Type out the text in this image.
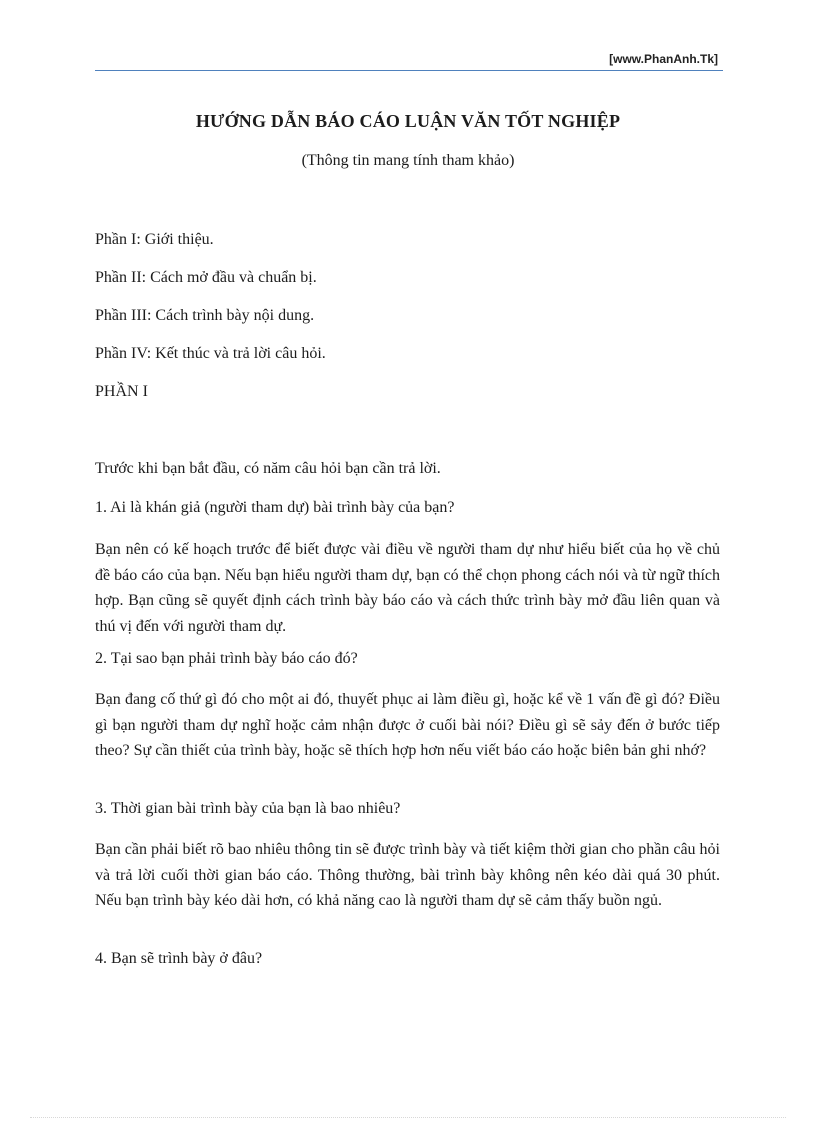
[www.PhanAnh.Tk]
HƯỚNG DẪN BÁO CÁO LUẬN VĂN TỐT NGHIỆP
(Thông tin mang tính tham khảo)
Phần I: Giới thiệu.
Phần II: Cách mở đầu và chuẩn bị.
Phần III: Cách trình bày nội dung.
Phần IV: Kết thúc và trả lời câu hỏi.
PHẦN I
Trước khi bạn bắt đầu, có năm câu hỏi bạn cần trả lời.
1. Ai là khán giả (người tham dự) bài trình bày của bạn?
Bạn nên có kế hoạch trước để biết được vài điều về người tham dự như hiểu biết của họ về chủ đề báo cáo của bạn. Nếu bạn hiểu người tham dự, bạn có thể chọn phong cách nói và từ ngữ thích hợp. Bạn cũng sẽ quyết định cách trình bày báo cáo và cách thức trình bày mở đầu liên quan và thú vị đến với người tham dự.
2. Tại sao bạn phải trình bày báo cáo đó?
Bạn đang cố thứ gì đó cho một ai đó, thuyết phục ai làm điều gì, hoặc kể về 1 vấn đề gì đó? Điều gì bạn người tham dự nghĩ hoặc cảm nhận được ở cuối bài nói? Điều gì sẽ sảy đến ở bước tiếp theo? Sự cần thiết của trình bày, hoặc sẽ thích hợp hơn nếu viết báo cáo hoặc biên bản ghi nhớ?
3. Thời gian bài trình bày của bạn là bao nhiêu?
Bạn cần phải biết rõ bao nhiêu thông tin sẽ được trình bày và tiết kiệm thời gian cho phần câu hỏi và trả lời cuối thời gian báo cáo. Thông thường, bài trình bày không nên kéo dài quá 30 phút. Nếu bạn trình bày kéo dài hơn, có khả năng cao là người tham dự sẽ cảm thấy buồn ngủ.
4. Bạn sẽ trình bày ở đâu?
